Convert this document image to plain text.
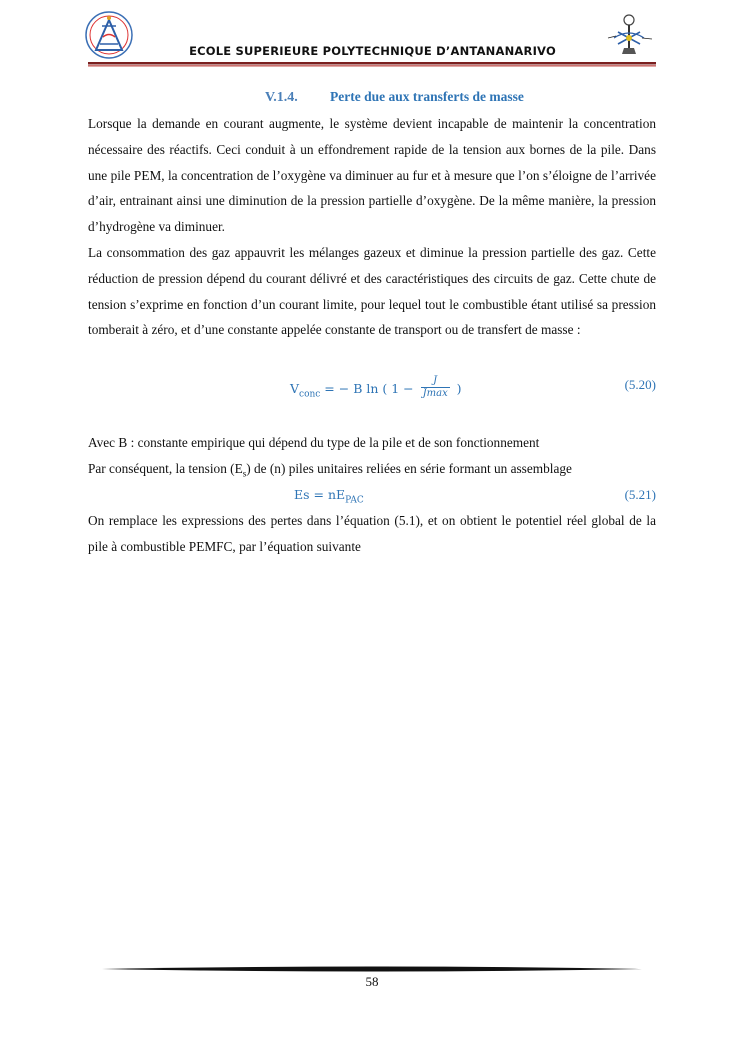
ECOLE SUPERIEURE POLYTECHNIQUE D’ANTANANARIVO
V.1.4. Perte due aux transferts de masse

Lorsque la demande en courant augmente, le système devient incapable de maintenir la concentration nécessaire des réactifs. Ceci conduit à un effondrement rapide de la tension aux bornes de la pile. Dans une pile PEM, la concentration de l’oxygène va diminuer au fur et à mesure que l’on s’éloigne de l’arrivée d’air, entrainant ainsi une diminution de la pression partielle d’oxygène. De la même manière, la pression d’hydrogène va diminuer.

La consommation des gaz appauvrit les mélanges gazeux et diminue la pression partielle des gaz. Cette réduction de pression dépend du courant délivré et des caractéristiques des circuits de gaz. Cette chute de tension s’exprime en fonction d’un courant limite, pour lequel tout le combustible étant utilisé sa pression tomberait à zéro, et d’une constante appelée constante de transport ou de transfert de masse :

$V_{conc}$ = − B ln ( $1 - \frac{J}{Jmax}$ )	(5.20)
Avec B : constante empirique qui dépend du type de la pile et de son fonctionnement
Par conséquent, la tension $(E_s)$ de (n) piles unitaires reliées en série formant un assemblage
$Es = nE_{PAC}$	(5.21)

On remplace les expressions des pertes dans l’équation (5.1), et on obtient le potentiel réel global de la pile à combustible PEMFC, par l’équation suivante

58
